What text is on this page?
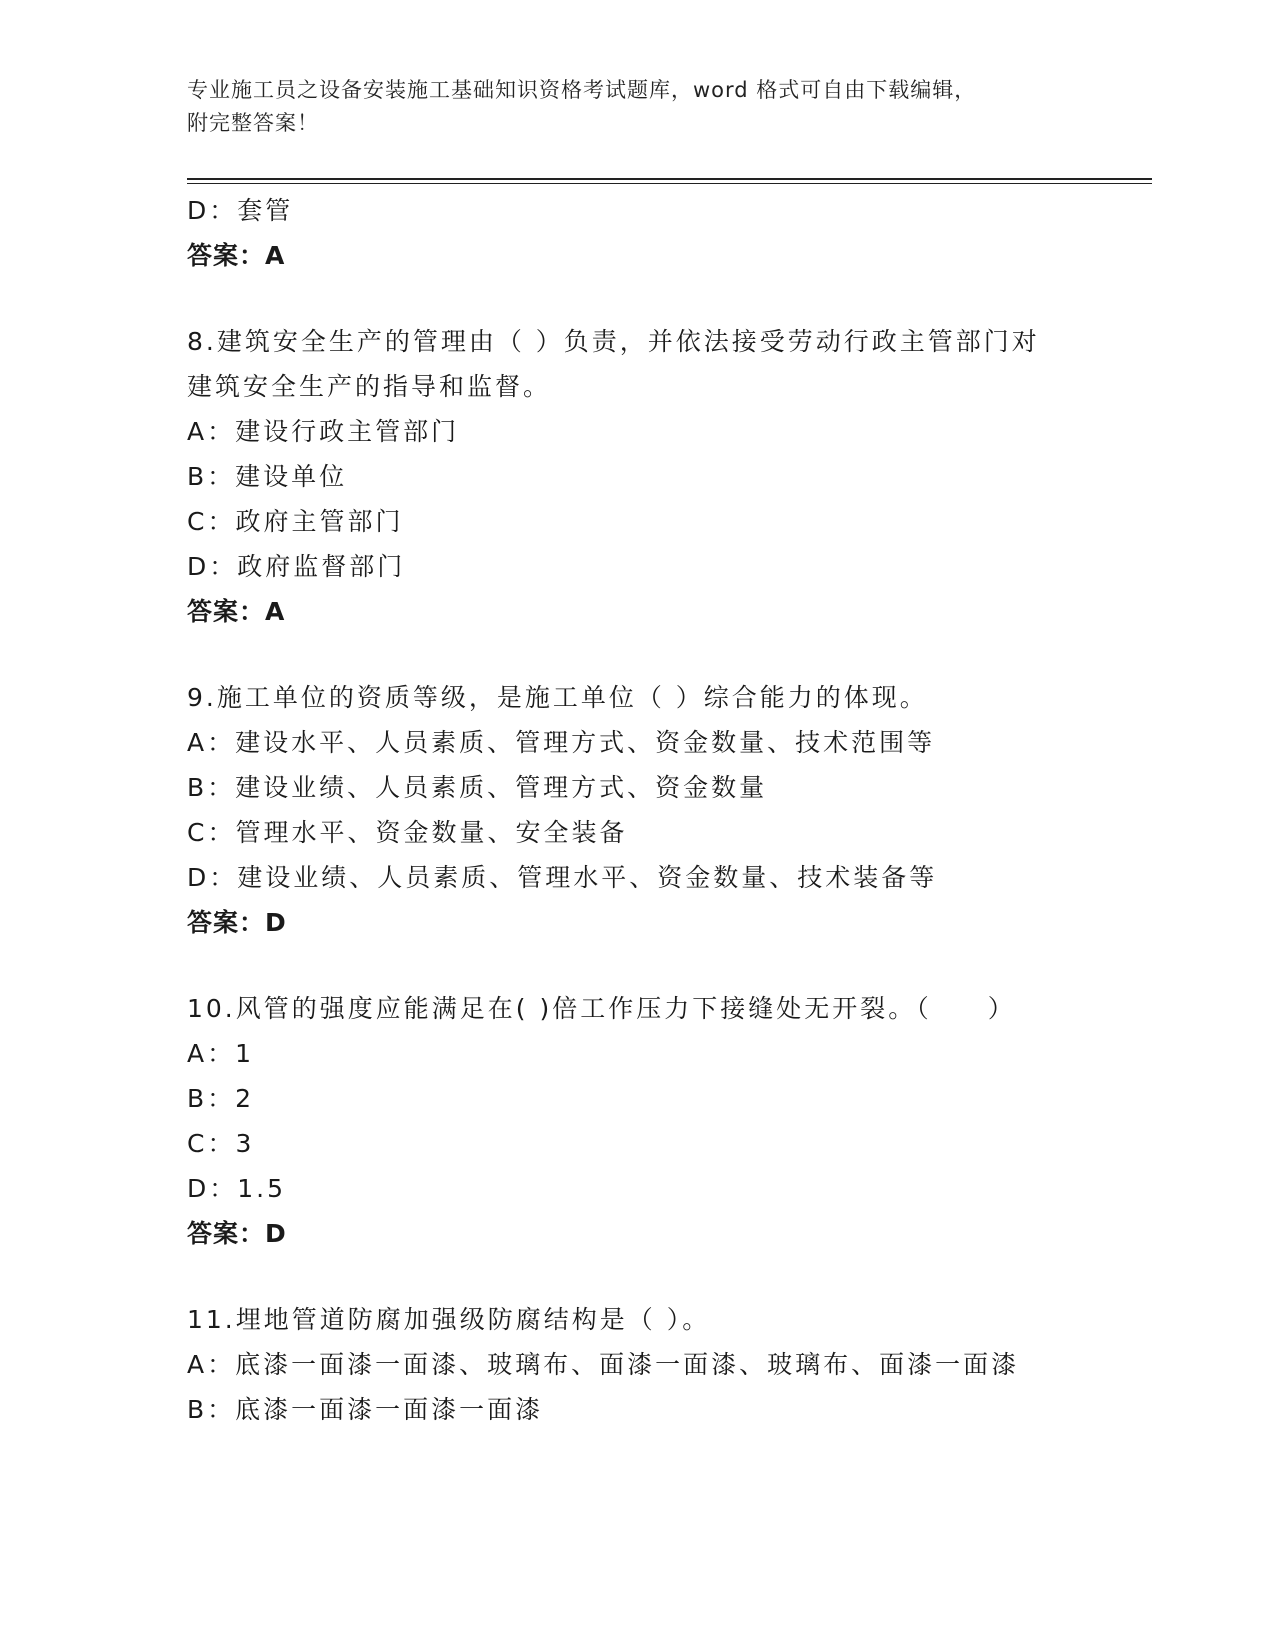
专业施工员之设备安装施工基础知识资格考试题库，word 格式可自由下载编辑，
附完整答案！
D：套管
答案：A
8.建筑安全生产的管理由（ ）负责，并依法接受劳动行政主管部门对
建筑安全生产的指导和监督。
A：建设行政主管部门
B：建设单位
C：政府主管部门
D：政府监督部门
答案：A
9.施工单位的资质等级，是施工单位（ ）综合能力的体现。
A：建设水平、人员素质、管理方式、资金数量、技术范围等
B：建设业绩、人员素质、管理方式、资金数量
C：管理水平、资金数量、安全装备
D：建设业绩、人员素质、管理水平、资金数量、技术装备等
答案：D
10.风管的强度应能满足在( )倍工作压力下接缝处无开裂。（　　）
A：1
B：2
C：3
D：1.5
答案：D
11.埋地管道防腐加强级防腐结构是（ ）。
A：底漆一面漆一面漆、玻璃布、面漆一面漆、玻璃布、面漆一面漆
B：底漆一面漆一面漆一面漆
